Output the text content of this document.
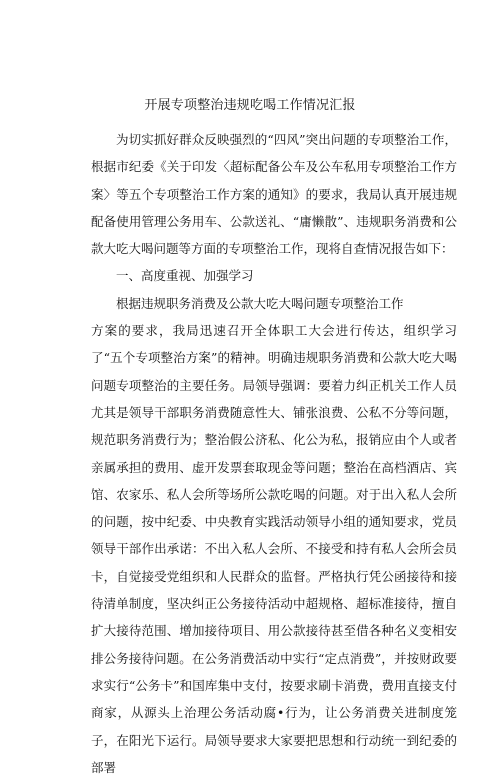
开展专项整治违规吃喝工作情况汇报

为切实抓好群众反映强烈的“四风”突出问题的专项整治工作，根据市纪委《关于印发〈超标配备公车及公车私用专项整治工作方案〉等五个专项整治工作方案的通知》的要求，我局认真开展违规配备使用管理公务用车、公款送礼、“庸懒散”、违规职务消费和公款大吃大喝问题等方面的专项整治工作，现将自查情况报告如下：

一、高度重视、加强学习

根据违规职务消费及公款大吃大喝问题专项整治工作

方案的要求，我局迅速召开全体职工大会进行传达，组织学习了“五个专项整治方案”的精神。明确违规职务消费和公款大吃大喝问题专项整治的主要任务。局领导强调：要着力纠正机关工作人员尤其是领导干部职务消费随意性大、铺张浪费、公私不分等问题，规范职务消费行为；整治假公济私、化公为私，报销应由个人或者亲属承担的费用、虚开发票套取现金等问题；整治在高档酒店、宾馆、农家乐、私人会所等场所公款吃喝的问题。对于出入私人会所的问题，按中纪委、中央教育实践活动领导小组的通知要求，党员领导干部作出承诺：不出入私人会所、不接受和持有私人会所会员卡，自觉接受党组织和人民群众的监督。严格执行凭公函接待和接待清单制度，坚决纠正公务接待活动中超规格、超标准接待，擅自扩大接待范围、增加接待项目、用公款接待甚至借各种名义变相安排公务接待问题。在公务消费活动中实行“定点消费”，并按财政要求实行“公务卡”和国库集中支付，按要求刷卡消费，费用直接支付商家，从源头上治理公务活动腐•行为，让公务消费关进制度笼子，在阳光下运行。局领导要求大家要把思想和行动统一到纪委的部署
